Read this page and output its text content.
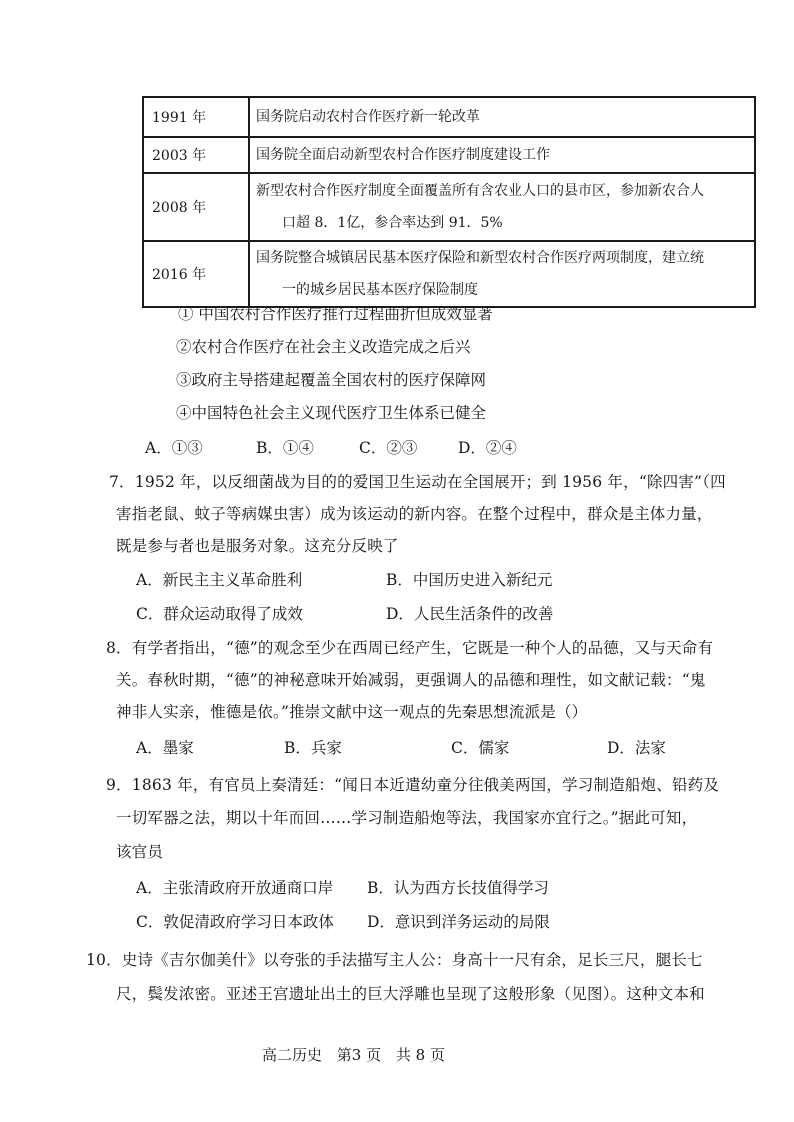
1991 年	国务院启动农村合作医疗新一轮改革

2003 年	国务院全面启动新型农村合作医疗制度建设工作

2008 年	新型农村合作医疗制度全面覆盖所有含农业人口的县市区，参加新农合人
口超 8．1亿，参合率达到 91．5%

2016 年	国务院整合城镇居民基本医疗保险和新型农村合作医疗两项制度，建立统
一的城乡居民基本医疗保险制度
① 中国农村合作医疗推行过程曲折但成效显著
②农村合作医疗在社会主义改造完成之后兴
③政府主导搭建起覆盖全国农村的医疗保障网
④中国特色社会主义现代医疗卫生体系已健全
A．①③	B．①④	C．②③	D．②④
7．1952 年，以反细菌战为目的的爱国卫生运动在全国展开；到 1956 年，“除四害”（四
害指老鼠、蚊子等病媒虫害）成为该运动的新内容。在整个过程中，群众是主体力量，
既是参与者也是服务对象。这充分反映了
A．新民主主义革命胜利	B．中国历史进入新纪元
C．群众运动取得了成效	D．人民生活条件的改善
8．有学者指出，“德”的观念至少在西周已经产生，它既是一种个人的品德，又与天命有
关。春秋时期，“德”的神秘意味开始减弱，更强调人的品德和理性，如文献记载：“鬼
神非人实亲，惟德是依。”推崇文献中这一观点的先秦思想流派是（）
A．墨家	B．兵家	C．儒家	D．法家
9．1863 年，有官员上奏清廷：“闻日本近遣幼童分往俄美两国，学习制造船炮、铅药及
一切军器之法，期以十年而回……学习制造船炮等法，我国家亦宜行之。”据此可知，
该官员
A．主张清政府开放通商口岸 B．认为西方长技值得学习
C．敦促清政府学习日本政体 D．意识到洋务运动的局限
10．史诗《吉尔伽美什》以夸张的手法描写主人公：身高十一尺有余，足长三尺，腿长七
尺，鬓发浓密。亚述王宫遗址出土的巨大浮雕也呈现了这般形象（见图）。这种文本和
高二历史 第3 页 共 8 页
